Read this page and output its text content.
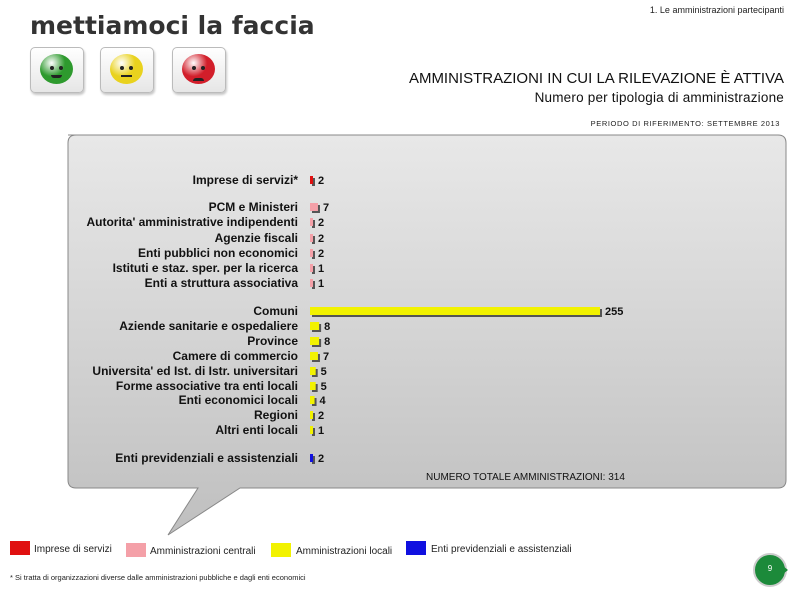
mettiamoci la faccia
1. Le amministrazioni partecipanti
AMMINISTRAZIONI IN CUI LA RILEVAZIONE È ATTIVA
Numero per tipologia di amministrazione
PERIODO DI RIFERIMENTO: SETTEMBRE 2013
Imprese di servizi* 2
PCM e Ministeri 7
Autorita' amministrative indipendenti 2
Agenzie fiscali 2
Enti pubblici non economici 2
Istituti e staz. sper. per la ricerca 1
Enti a struttura associativa 1
Comuni	255
Aziende sanitarie e ospedaliere 8
Province 8
Camere di commercio 7
Universita' ed Ist. di Istr. universitari 5
Forme associative tra enti locali 5
Enti economici locali 4
Regioni 2
Altri enti locali 1
Enti previdenziali e assistenziali 2
NUMERO TOTALE AMMINISTRAZIONI: 314
Imprese di servizi	Amministrazioni centrali	Amministrazioni locali	Enti previdenziali e assistenziali
* Si tratta di organizzazioni diverse dalle amministrazioni pubbliche e dagli enti economici
9
